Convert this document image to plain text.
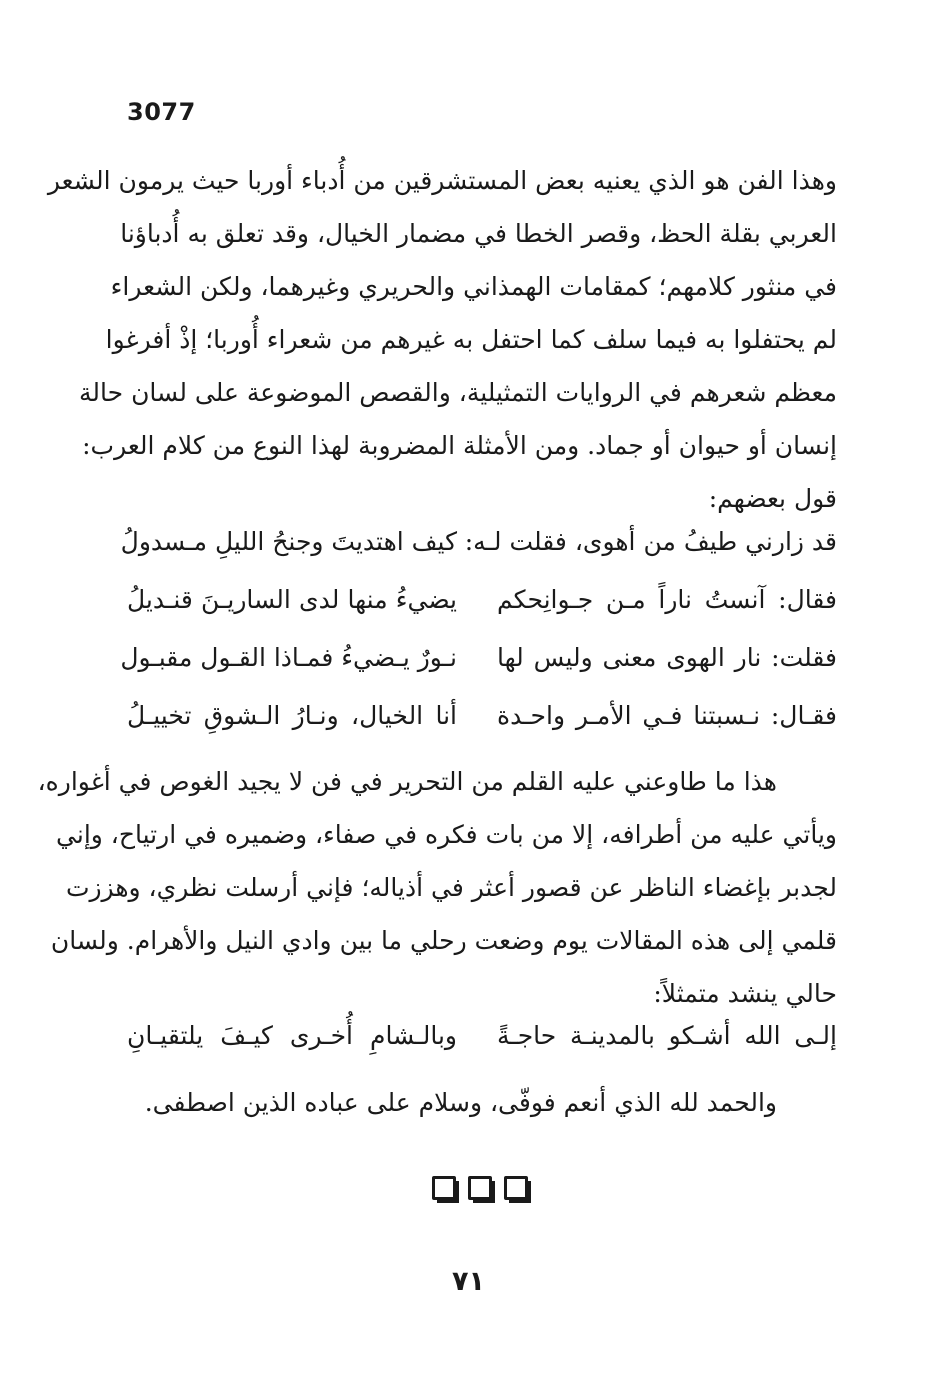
3077

وهذا الفن هو الذي يعنيه بعض المستشرقين من أُدباء أوربا حيث يرمون الشعر

العربي بقلة الحظ، وقصر الخطا في مضمار الخيال، وقد تعلق به أُدباؤنا

في منثور كلامهم؛ كمقامات الهمذاني والحريري وغيرهما، ولكن الشعراء

لم يحتفلوا به فيما سلف كما احتفل به غيرهم من شعراء أُوربا؛ إذْ أفرغوا

معظم شعرهم في الروايات التمثيلية، والقصص الموضوعة على لسان حالة

إنسان أو حيوان أو جماد. ومن الأمثلة المضروبة لهذا النوع من كلام العرب:

قول بعضهم:

قد زارني طيفُ من أهوى، فقلت لـه:
كيف اهتديتَ وجنحُ الليلِ مـسدولُ
فقال: آنستُ ناراً مـن جـوانِحكم
يضيءُ منها لدى الساريـنَ قنـديلُ
فقلت: نار الهوى معنى وليس لها
نـورٌ يـضيءُ فمـاذا القـول مقبـول
فقـال: نـسبتنا فـي الأمـر واحـدة
أنا الخيال، ونـارُ الـشوقِ تخييـلُ

هذا ما طاوعني عليه القلم من التحرير في فن لا يجيد الغوص في أغواره،

ويأتي عليه من أطرافه، إلا من بات فكره في صفاء، وضميره في ارتياح، وإني

لجدبر بإغضاء الناظر عن قصور أعثر في أذياله؛ فإني أرسلت نظري، وهززت

قلمي إلى هذه المقالات يوم وضعت رحلي ما بين وادي النيل والأهرام. ولسان

حالي ينشد متمثلاً:

إلـى الله أشـكو بالمدينـة حاجـةً
وبالـشامِ أُخـرى كيـفَ يلتقيـانِ

والحمد لله الذي أنعم فوفّى، وسلام على عباده الذين اصطفى.

٧١
